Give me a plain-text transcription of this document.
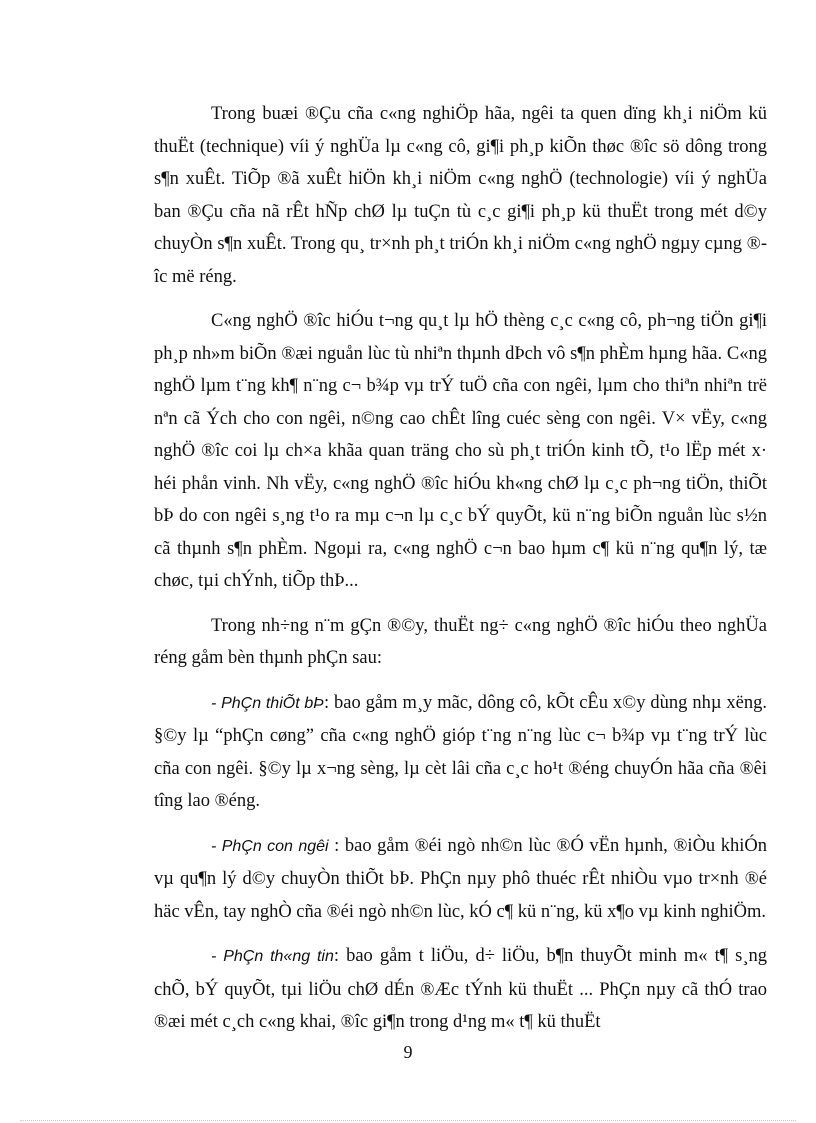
Trong buæi ®Çu cña c«ng nghiÖp hãa, ngêi ta quen dïng kh¸i niÖm kü thuËt (technique) víi ý nghÜa lµ c«ng cô, gi¶i ph¸p kiÕn thøc ®îc sö dông trong s¶n xuÊt. TiÕp ®ã xuÊt hiÖn kh¸i niÖm c«ng nghÖ (technologie) víi ý nghÜa ban ®Çu cña nã rÊt hÑp chØ lµ tuÇn tù c¸c gi¶i ph¸p kü thuËt trong mét d©y chuyÒn s¶n xuÊt. Trong qu¸ tr×nh ph¸t triÓn kh¸i niÖm c«ng nghÖ ngµy cµng ®îc më réng.

C«ng nghÖ ®îc hiÓu t¬ng qu¸t lµ hÖ thèng c¸c c«ng cô, ph¬ng tiÖn gi¶i ph¸p nh»m biÕn ®æi nguån lùc tù nhiªn thµnh dÞch vô s¶n phÈm hµng hãa. C«ng nghÖ lµm t¨ng kh¶ n¨ng c¬ b¾p vµ trÝ tuÖ cña con ngêi, lµm cho thiªn nhiªn trë nªn cã Ých cho con ngêi, n©ng cao chÊt lîng cuéc sèng con ngêi. V× vËy, c«ng nghÖ ®îc coi lµ ch×a khãa quan träng cho sù ph¸t triÓn kinh tÕ, t¹o lËp mét x· héi phån vinh. Nh vËy, c«ng nghÖ ®îc hiÓu kh«ng chØ lµ c¸c ph¬ng tiÖn, thiÕt bÞ do con ngêi s¸ng t¹o ra mµ c¬n lµ c¸c bÝ quyÕt, kü n¨ng biÕn nguån lùc s½n cã thµnh s¶n phÈm. Ngoµi ra, c«ng nghÖ c¬n bao hµm c¶ kü n¨ng qu¶n lý, tæ chøc, tµi chÝnh, tiÕp thÞ...

Trong nh÷ng n¨m gÇn ®©y, thuËt ng÷ c«ng nghÖ ®îc hiÓu theo nghÜa réng gåm bèn thµnh phÇn sau:

- PhÇn thiÕt bÞ: bao gåm m¸y mãc, dông cô, kÕt cÊu x©y dùng nhµ xëng. §©y lµ “phÇn cøng” cña c«ng nghÖ gióp t¨ng n¨ng lùc c¬ b¾p vµ t¨ng trÝ lùc cña con ngêi. §©y lµ x¬ng sèng, lµ cèt lâi cña c¸c ho¹t ®éng chuyÓn hãa cña ®êi tîng lao ®éng.

- PhÇn con ngêi : bao gåm ®éi ngò nh©n lùc ®Ó vËn hµnh, ®iÒu khiÓn vµ qu¶n lý d©y chuyÒn thiÕt bÞ. PhÇn nµy phô thuéc rÊt nhiÒu vµo tr×nh ®é häc vÊn, tay nghÒ cña ®éi ngò nh©n lùc, kÓ c¶ kü n¨ng, kü x¶o vµ kinh nghiÖm.

- PhÇn th«ng tin: bao gåm t liÖu, d÷ liÖu, b¶n thuyÕt minh m« t¶ s¸ng chÕ, bÝ quyÕt, tµi liÖu chØ dÉn ®Æc tÝnh kü thuËt ... PhÇn nµy cã thÓ trao ®æi mét c¸ch c«ng khai, ®îc gi¶n trong d¹ng m« t¶ kü thuËt

9
